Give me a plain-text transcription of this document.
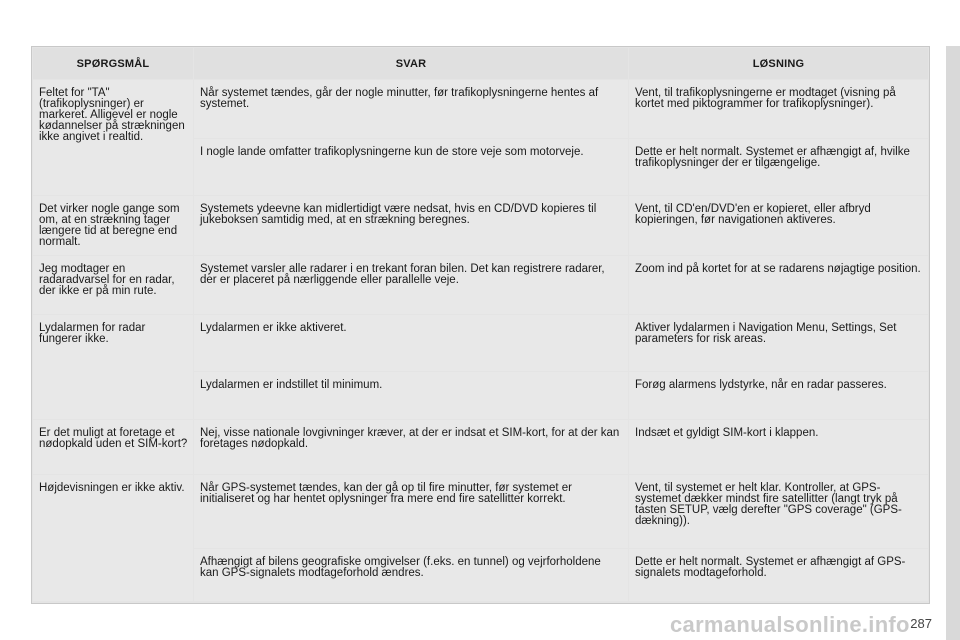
SPØRGSMÅL	SVAR	LØSNING
Feltet for "TA" (trafikoplysninger) er markeret. Alligevel er nogle kødannelser på strækningen ikke angivet i realtid.	Når systemet tændes, går der nogle minutter, før trafikoplysningerne hentes af systemet.	Vent, til trafikoplysningerne er modtaget (visning på kortet med piktogrammer for trafikoplysninger).
	I nogle lande omfatter trafikoplysningerne kun de store veje som motorveje.	Dette er helt normalt. Systemet er afhængigt af, hvilke trafikoplysninger der er tilgængelige.
Det virker nogle gange som om, at en strækning tager længere tid at beregne end normalt.	Systemets ydeevne kan midlertidigt være nedsat, hvis en CD/DVD kopieres til jukeboksen samtidig med, at en strækning beregnes.	Vent, til CD'en/DVD'en er kopieret, eller afbryd kopieringen, før navigationen aktiveres.
Jeg modtager en radaradvarsel for en radar, der ikke er på min rute.	Systemet varsler alle radarer i en trekant foran bilen. Det kan registrere radarer, der er placeret på nærliggende eller parallelle veje.	Zoom ind på kortet for at se radarens nøjagtige position.
Lydalarmen for radar fungerer ikke.	Lydalarmen er ikke aktiveret.	Aktiver lydalarmen i Navigation Menu, Settings, Set parameters for risk areas.
	Lydalarmen er indstillet til minimum.	Forøg alarmens lydstyrke, når en radar passeres.
Er det muligt at foretage et nødopkald uden et SIM-kort?	Nej, visse nationale lovgivninger kræver, at der er indsat et SIM-kort, for at der kan foretages nødopkald.	Indsæt et gyldigt SIM-kort i klappen.
Højdevisningen er ikke aktiv.	Når GPS-systemet tændes, kan der gå op til fire minutter, før systemet er initialiseret og har hentet oplysninger fra mere end fire satellitter korrekt.	Vent, til systemet er helt klar. Kontroller, at GPS-systemet dækker mindst fire satellitter (langt tryk på tasten SETUP, vælg derefter "GPS coverage" (GPS-dækning)).
	Afhængigt af bilens geografiske omgivelser (f.eks. en tunnel) og vejrforholdene kan GPS-signalets modtageforhold ændres.	Dette er helt normalt. Systemet er afhængigt af GPS-signalets modtageforhold.
287
carmanualsonline.info
